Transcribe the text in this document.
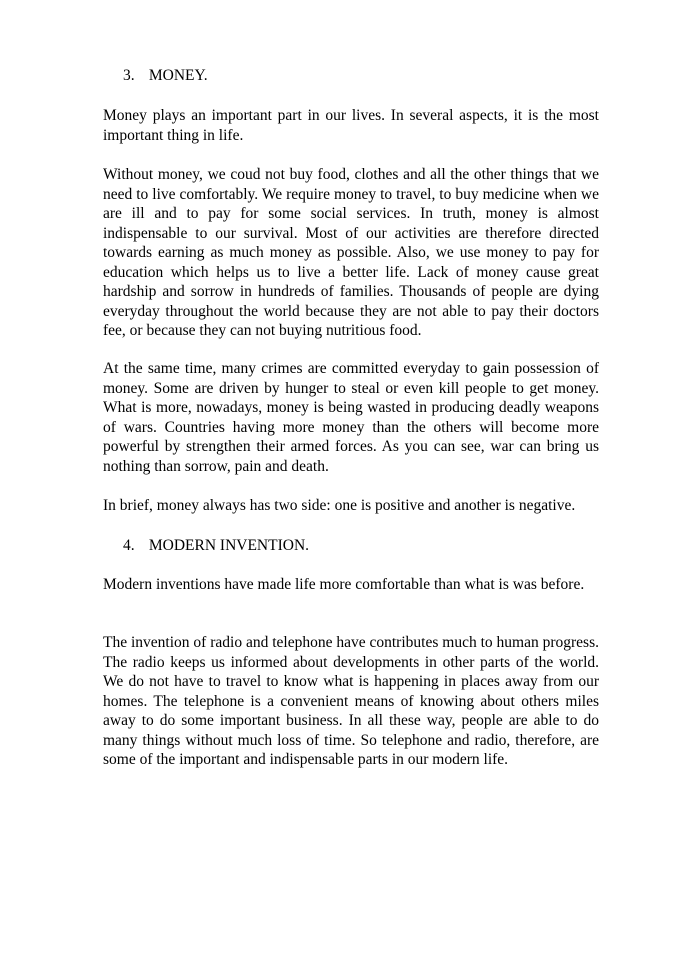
3. MONEY.

Money plays an important part in our lives. In several aspects, it is the most important thing in life.

Without money, we coud not buy food, clothes and all the other things that we need to live comfortably. We require money to travel, to buy medicine when we are ill and to pay for some social services. In truth, money is almost indispensable to our survival. Most of our activities are therefore directed towards earning as much money as possible. Also, we use money to pay for education which helps us to live a better life. Lack of money cause great hardship and sorrow in hundreds of families. Thousands of people are dying everyday throughout the world because they are not able to pay their doctors fee, or because they can not buying nutritious food.

At the same time, many crimes are committed everyday to gain possession of money. Some are driven by hunger to steal or even kill people to get money. What is more, nowadays, money is being wasted in producing deadly weapons of wars. Countries having more money than the others will become more powerful by strengthen their armed forces. As you can see, war can bring us nothing than sorrow, pain and death.

In brief, money always has two side: one is positive and another is negative.

4. MODERN INVENTION.

Modern inventions have made life more comfortable than what is was before.

The invention of radio and telephone have contributes much to human progress. The radio keeps us informed about developments in other parts of the world. We do not have to travel to know what is happening in places away from our homes. The telephone is a convenient means of knowing about others miles away to do some important business. In all these way, people are able to do many things without much loss of time. So telephone and radio, therefore, are some of the important and indispensable parts in our modern life.
